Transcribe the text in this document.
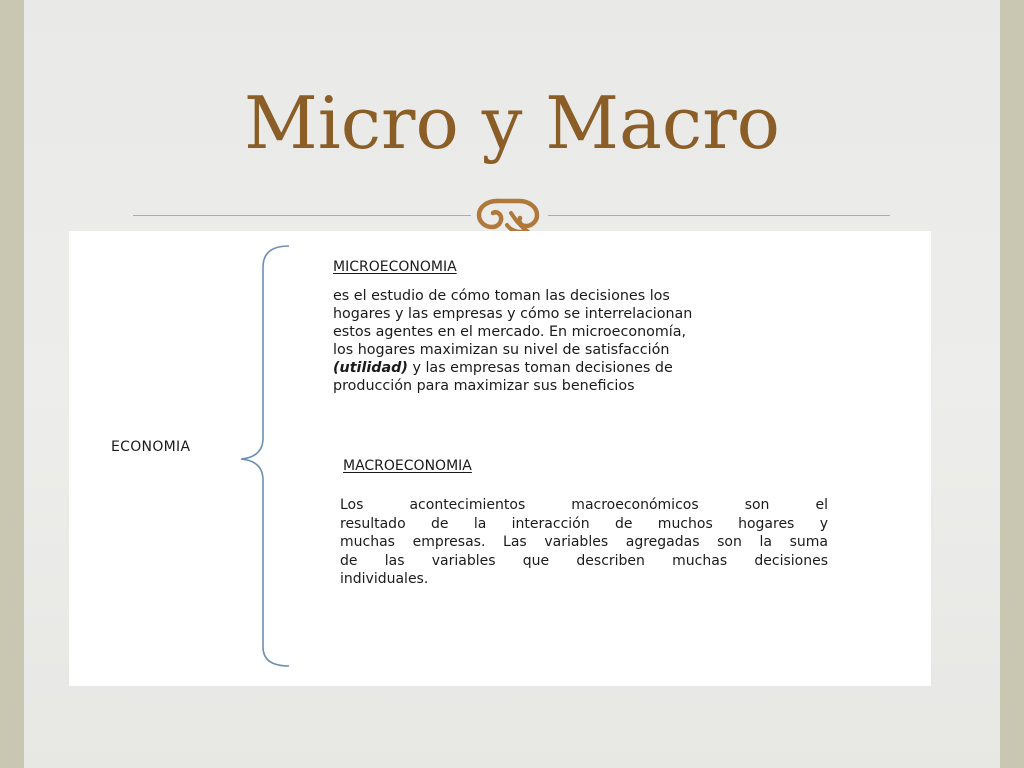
Micro y Macro
ECONOMIA
MICROECONOMIA
es el estudio de cómo toman las decisiones los
hogares y las empresas y cómo se interrelacionan
estos agentes en el mercado. En microeconomía,
los hogares maximizan su nivel de satisfacción
(utilidad) y las empresas toman decisiones de
producción para maximizar sus beneficios
MACROECONOMIA
Los acontecimientos macroeconómicos son el
resultado de la interacción de muchos hogares y
muchas empresas. Las variables agregadas son la suma
de las variables que describen muchas decisiones
individuales.
